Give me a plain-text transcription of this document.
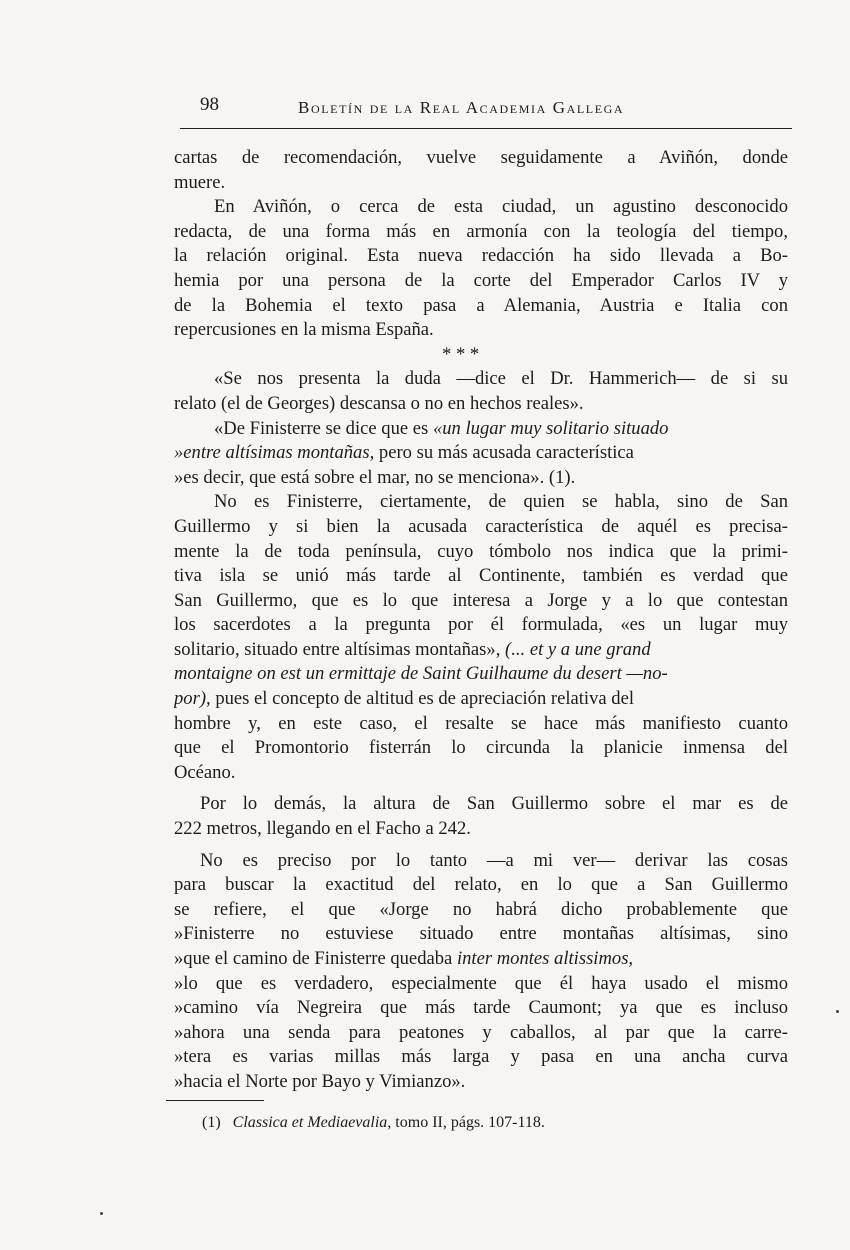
98	Boletín de la Real Academia Gallega
cartas de recomendación, vuelve seguidamente a Aviñón, donde
muere.
En Aviñón, o cerca de esta ciudad, un agustino desconocido
redacta, de una forma más en armonía con la teología del tiempo,
la relación original. Esta nueva redacción ha sido llevada a Bo-
hemia por una persona de la corte del Emperador Carlos IV y
de la Bohemia el texto pasa a Alemania, Austria e Italia con
repercusiones en la misma España.
* * *
«Se nos presenta la duda —dice el Dr. Hammerich— de si su
relato (el de Georges) descansa o no en hechos reales».
«De Finisterre se dice que es «un lugar muy solitario situado
»entre altísimas montañas, pero su más acusada característica
»es decir, que está sobre el mar, no se menciona». (1).
No es Finisterre, ciertamente, de quien se habla, sino de San
Guillermo y si bien la acusada característica de aquél es precisa-
mente la de toda península, cuyo tómbolo nos indica que la primi-
tiva isla se unió más tarde al Continente, también es verdad que
San Guillermo, que es lo que interesa a Jorge y a lo que contestan
los sacerdotes a la pregunta por él formulada, «es un lugar muy
solitario, situado entre altísimas montañas», (... et y a une grand
montaigne on est un ermittaje de Saint Guilhaume du desert —no-
por), pues el concepto de altitud es de apreciación relativa del
hombre y, en este caso, el resalte se hace más manifiesto cuanto
que el Promontorio fisterrán lo circunda la planicie inmensa del
Océano.
Por lo demás, la altura de San Guillermo sobre el mar es de
222 metros, llegando en el Facho a 242.
No es preciso por lo tanto —a mi ver— derivar las cosas
para buscar la exactitud del relato, en lo que a San Guillermo
se refiere, el que «Jorge no habrá dicho probablemente que
»Finisterre no estuviese situado entre montañas altísimas, sino
»que el camino de Finisterre quedaba inter montes altissimos,
»lo que es verdadero, especialmente que él haya usado el mismo
»camino vía Negreira que más tarde Caumont; ya que es incluso
»ahora una senda para peatones y caballos, al par que la carre-
»tera es varias millas más larga y pasa en una ancha curva
»hacia el Norte por Bayo y Vimianzo».
(1) Classica et Mediaevalia, tomo II, págs. 107-118.
